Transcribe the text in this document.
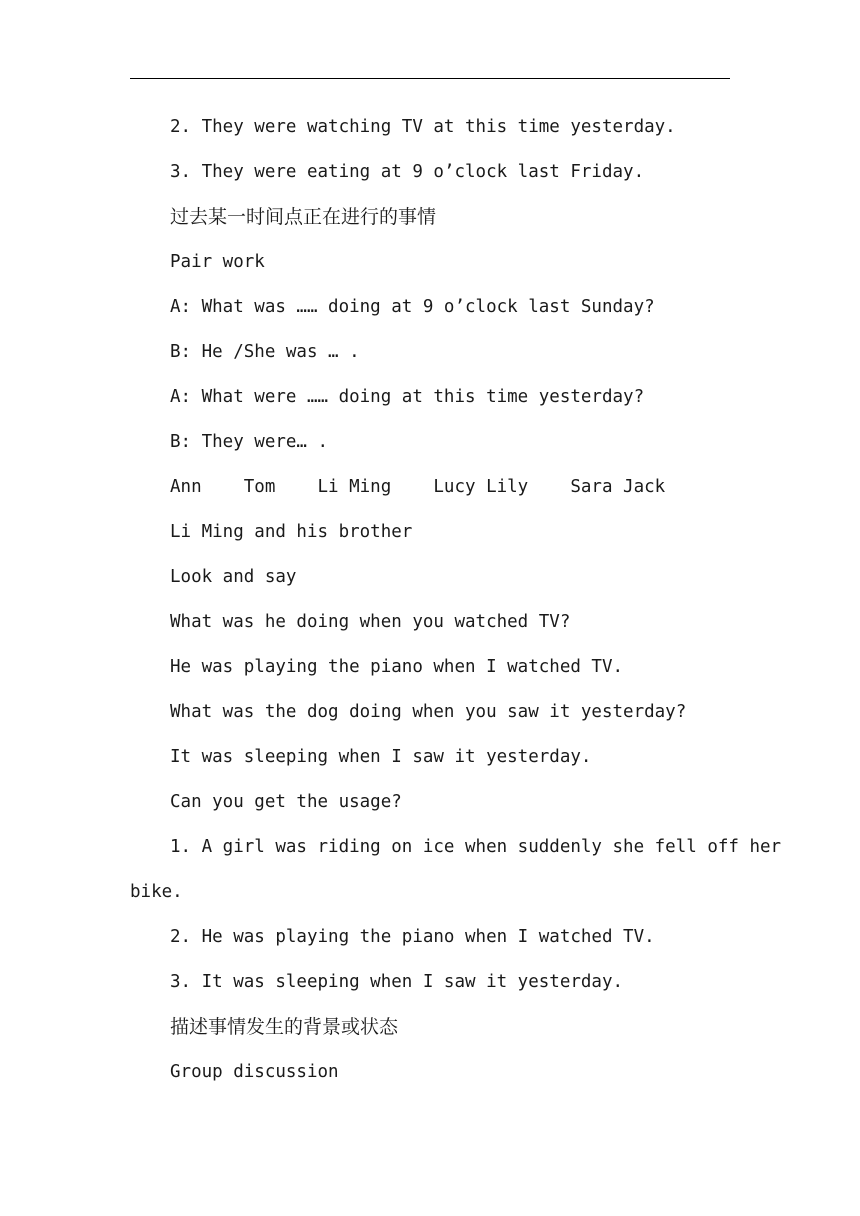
2. They were watching TV at this time yesterday.
3. They were eating at 9 o’clock last Friday.
过去某一时间点正在进行的事情
Pair work
A: What was …… doing at 9 o’clock last Sunday?
B: He /She was … .
A: What were …… doing at this time yesterday?
B: They were… .
Ann    Tom    Li Ming    Lucy Lily    Sara Jack
Li Ming and his brother
Look and say
What was he doing when you watched TV?
He was playing the piano when I watched TV.
What was the dog doing when you saw it yesterday?
It was sleeping when I saw it yesterday.
Can you get the usage?
1. A girl was riding on ice when suddenly she fell off her
bike.
2. He was playing the piano when I watched TV.
3. It was sleeping when I saw it yesterday.
描述事情发生的背景或状态
Group discussion
